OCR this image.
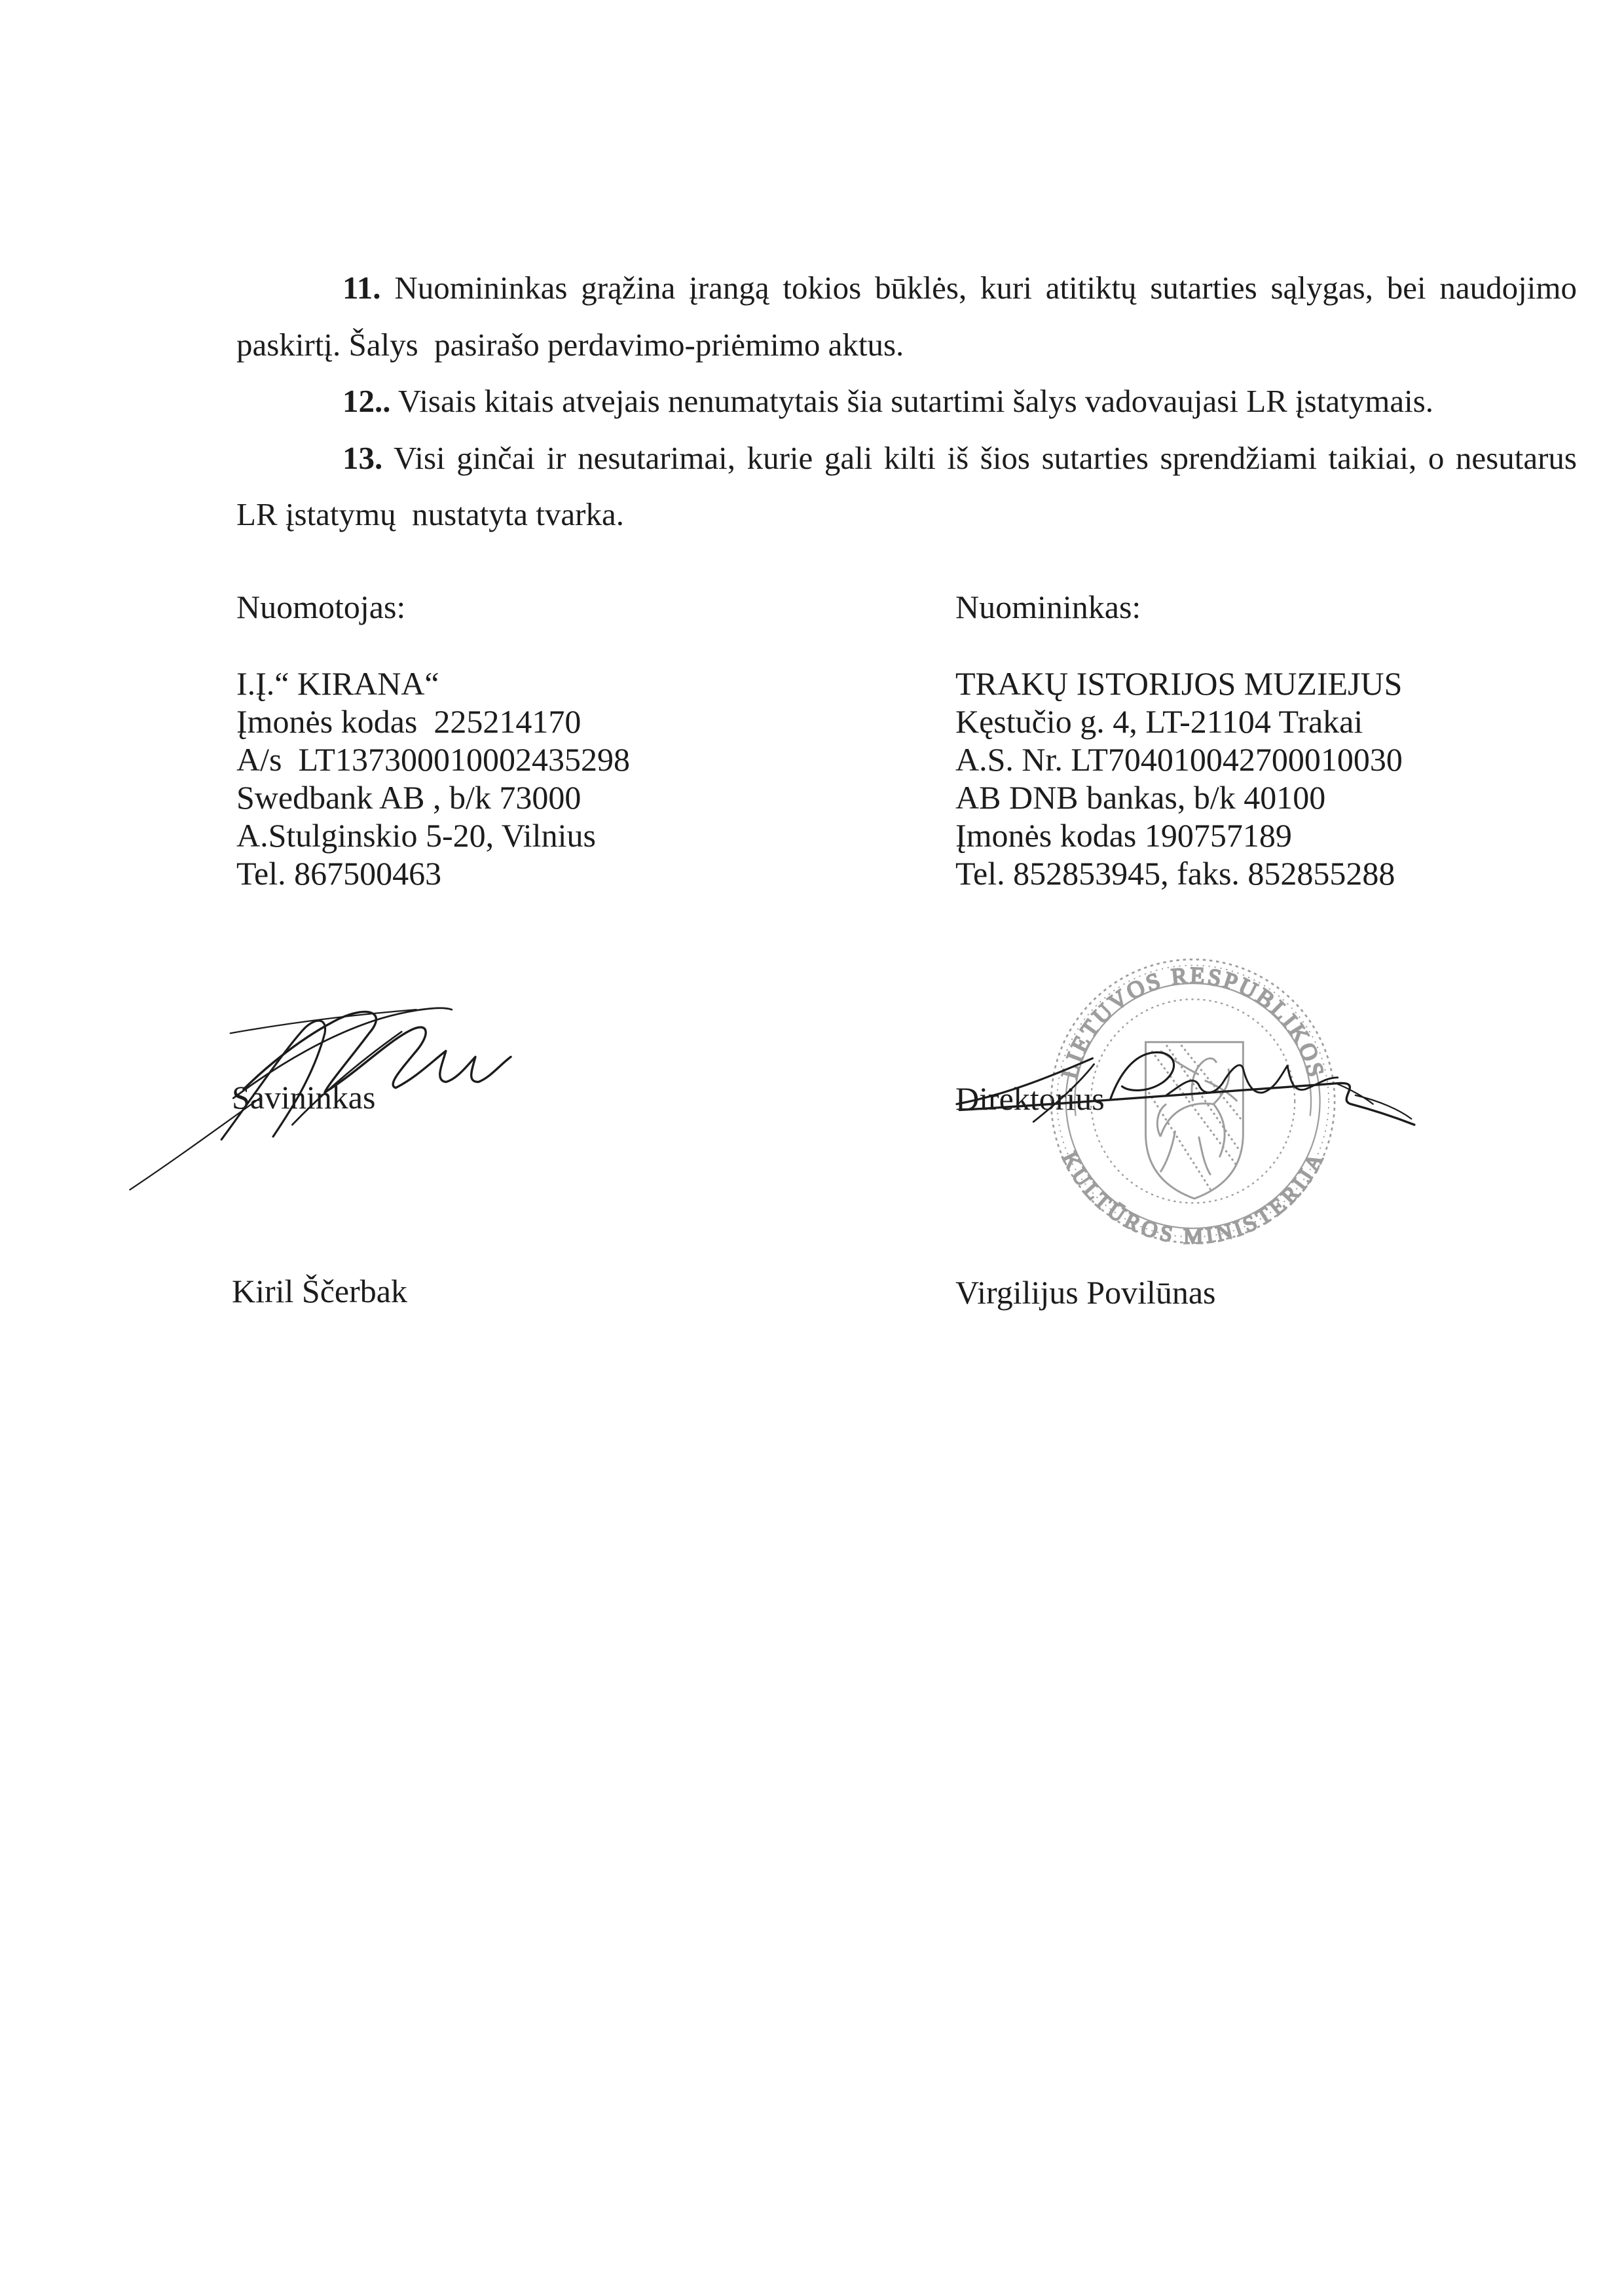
11. Nuomininkas grąžina įrangą tokios būklės, kuri atitiktų sutarties sąlygas, bei naudojimo
paskirtį. Šalys  pasirašo perdavimo-priėmimo aktus.
12.. Visais kitais atvejais nenumatytais šia sutartimi šalys vadovaujasi LR įstatymais.
13. Visi ginčai ir nesutarimai, kurie gali kilti iš šios sutarties sprendžiami taikiai, o nesutarus
LR įstatymų  nustatyta tvarka.
Nuomotojas:
I.Į.“ KIRANA“
Įmonės kodas  225214170
A/s  LT137300010002435298
Swedbank AB , b/k 73000
A.Stulginskio 5-20, Vilnius
Tel. 867500463
Nuomininkas:
TRAKŲ ISTORIJOS MUZIEJUS
Kęstučio g. 4, LT-21104 Trakai
A.S. Nr. LT704010042700010030
AB DNB bankas, b/k 40100
Įmonės kodas 190757189
Tel. 852853945, faks. 852855288

Savininkas

Kiril Ščerbak

Direktorius

Virgilijus Povilūnas

LIETUVOS RESPUBLIKOS
KULTŪROS MINISTERIJA
